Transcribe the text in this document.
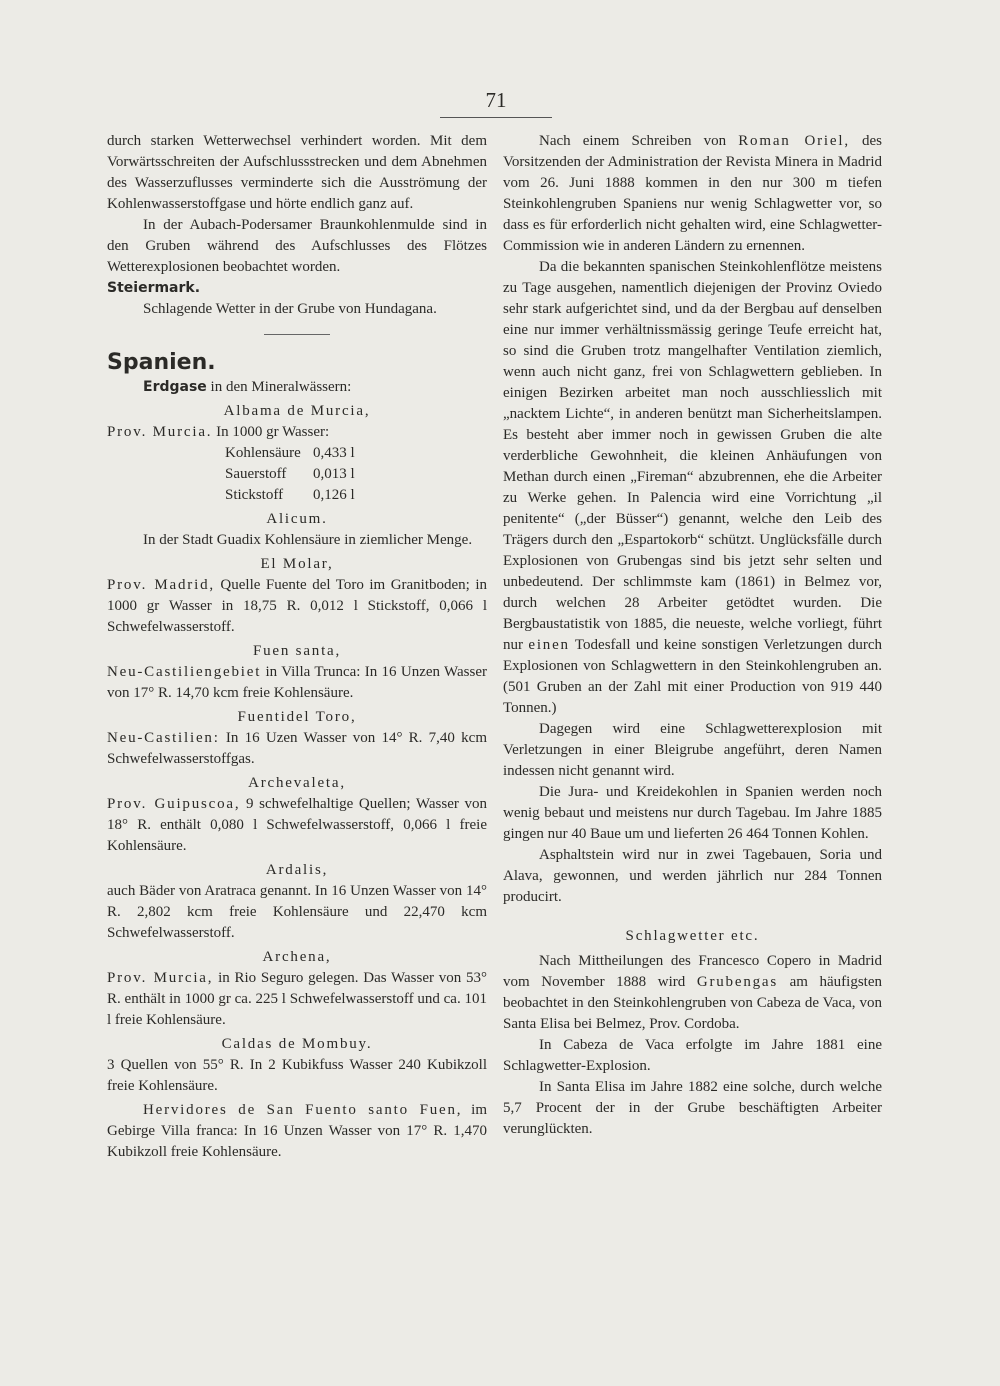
71

durch starken Wetterwechsel verhindert worden. Mit dem Vorwärtsschreiten der Aufschlussstrecken und dem Abnehmen des Wasserzuflusses verminderte sich die Ausströmung der Kohlenwasserstoffgase und hörte endlich ganz auf.

In der Aubach-Podersamer Braunkohlenmulde sind in den Gruben während des Aufschlusses des Flötzes Wetterexplosionen beobachtet worden.

Steiermark.

Schlagende Wetter in der Grube von Hundagana.

Spanien.

Erdgase in den Mineralwässern:

Albama de Murcia,

Prov. Murcia. In 1000 gr Wasser:

Kohlensäure 0,433 l
Sauerstoff	0,013 l
Stickstoff	0,126 l

Alicum.

In der Stadt Guadix Kohlensäure in ziemlicher Menge.

El Molar,

Prov. Madrid, Quelle Fuente del Toro im Granitboden; in 1000 gr Wasser in 18,75 R. 0,012 l Stickstoff, 0,066 l Schwefelwasserstoff.

Fuen santa,

Neu-Castiliengebiet in Villa Trunca: In 16 Unzen Wasser von 17° R. 14,70 kcm freie Kohlensäure.

Fuentidel Toro,

Neu-Castilien: In 16 Uzen Wasser von 14° R. 7,40 kcm Schwefelwasserstoffgas.

Archevaleta,

Prov. Guipuscoa, 9 schwefelhaltige Quellen; Wasser von 18° R. enthält 0,080 l Schwefelwasserstoff, 0,066 l freie Kohlensäure.

Ardalis,

auch Bäder von Aratraca genannt. In 16 Unzen Wasser von 14° R. 2,802 kcm freie Kohlensäure und 22,470 kcm Schwefelwasserstoff.

Archena,

Prov. Murcia, in Rio Seguro gelegen. Das Wasser von 53° R. enthält in 1000 gr ca. 225 l Schwefelwasserstoff und ca. 101 l freie Kohlensäure.

Caldas de Mombuy.

3 Quellen von 55° R. In 2 Kubikfuss Wasser 240 Kubikzoll freie Kohlensäure.

Hervidores de San Fuento santo Fuen, im Gebirge Villa franca: In 16 Unzen Wasser von 17° R. 1,470 Kubikzoll freie Kohlensäure.

Nach einem Schreiben von Roman Oriel, des Vorsitzenden der Administration der Revista Minera in Madrid vom 26. Juni 1888 kommen in den nur 300 m tiefen Steinkohlengruben Spaniens nur wenig Schlagwetter vor, so dass es für erforderlich nicht gehalten wird, eine Schlagwetter-Commission wie in anderen Ländern zu ernennen.

Da die bekannten spanischen Steinkohlenflötze meistens zu Tage ausgehen, namentlich diejenigen der Provinz Oviedo sehr stark aufgerichtet sind, und da der Bergbau auf denselben eine nur immer verhältnissmässig geringe Teufe erreicht hat, so sind die Gruben trotz mangelhafter Ventilation ziemlich, wenn auch nicht ganz, frei von Schlagwettern geblieben. In einigen Bezirken arbeitet man noch ausschliesslich mit „nacktem Lichte“, in anderen benützt man Sicherheitslampen. Es besteht aber immer noch in gewissen Gruben die alte verderbliche Gewohnheit, die kleinen Anhäufungen von Methan durch einen „Fireman“ abzubrennen, ehe die Arbeiter zu Werke gehen. In Palencia wird eine Vorrichtung „il penitente“ („der Büsser“) genannt, welche den Leib des Trägers durch den „Espartokorb“ schützt. Unglücksfälle durch Explosionen von Grubengas sind bis jetzt sehr selten und unbedeutend. Der schlimmste kam (1861) in Belmez vor, durch welchen 28 Arbeiter getödtet wurden. Die Bergbaustatistik von 1885, die neueste, welche vorliegt, führt nur einen Todesfall und keine sonstigen Verletzungen durch Explosionen von Schlagwettern in den Steinkohlengruben an. (501 Gruben an der Zahl mit einer Production von 919 440 Tonnen.)

Dagegen wird eine Schlagwetterexplosion mit Verletzungen in einer Bleigrube angeführt, deren Namen indessen nicht genannt wird.

Die Jura- und Kreidekohlen in Spanien werden noch wenig bebaut und meistens nur durch Tagebau. Im Jahre 1885 gingen nur 40 Baue um und lieferten 26 464 Tonnen Kohlen.

Asphaltstein wird nur in zwei Tagebauen, Soria und Alava, gewonnen, und werden jährlich nur 284 Tonnen producirt.

Schlagwetter etc.

Nach Mittheilungen des Francesco Copero in Madrid vom November 1888 wird Grubengas am häufigsten beobachtet in den Steinkohlengruben von Cabeza de Vaca, von Santa Elisa bei Belmez, Prov. Cordoba.

In Cabeza de Vaca erfolgte im Jahre 1881 eine Schlagwetter-Explosion.

In Santa Elisa im Jahre 1882 eine solche, durch welche 5,7 Procent der in der Grube beschäftigten Arbeiter verunglückten.
